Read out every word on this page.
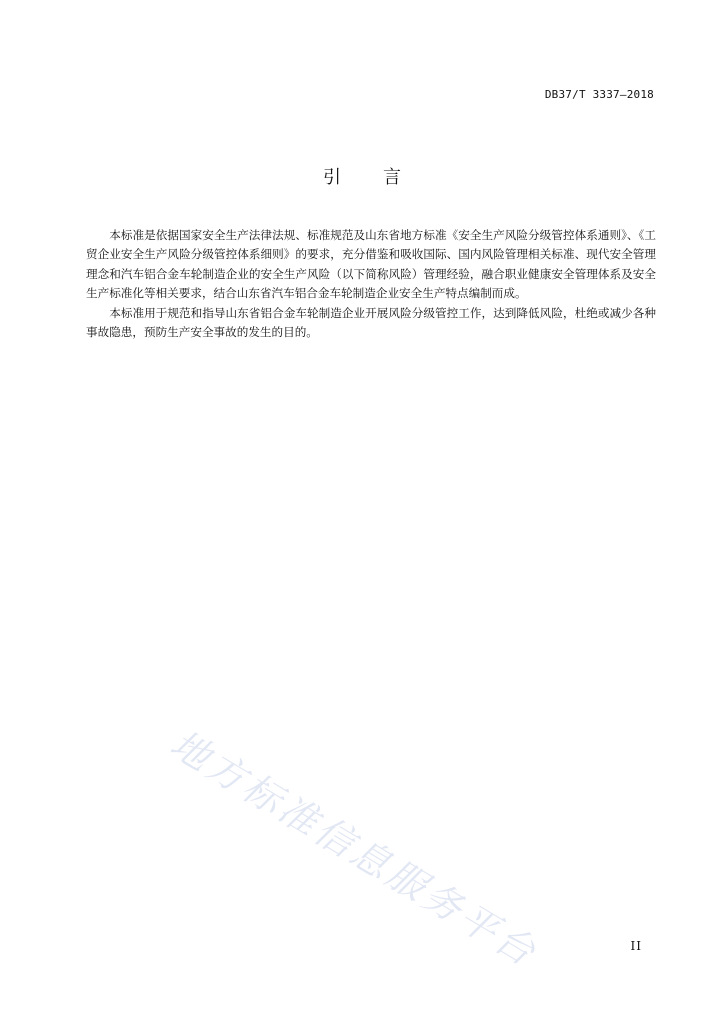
DB37/T 3337—2018
引 言

本标准是依据国家安全生产法律法规、标准规范及山东省地方标准《安全生产风险分级管控体系通则》、《工贸企业安全生产风险分级管控体系细则》的要求，充分借鉴和吸收国际、国内风险管理相关标准、现代安全管理理念和汽车铝合金车轮制造企业的安全生产风险（以下简称风险）管理经验，融合职业健康安全管理体系及安全生产标准化等相关要求，结合山东省汽车铝合金车轮制造企业安全生产特点编制而成。

本标准用于规范和指导山东省铝合金车轮制造企业开展风险分级管控工作，达到降低风险，杜绝或减少各种事故隐患，预防生产安全事故的发生的目的。

地方标准信息服务平台	II
